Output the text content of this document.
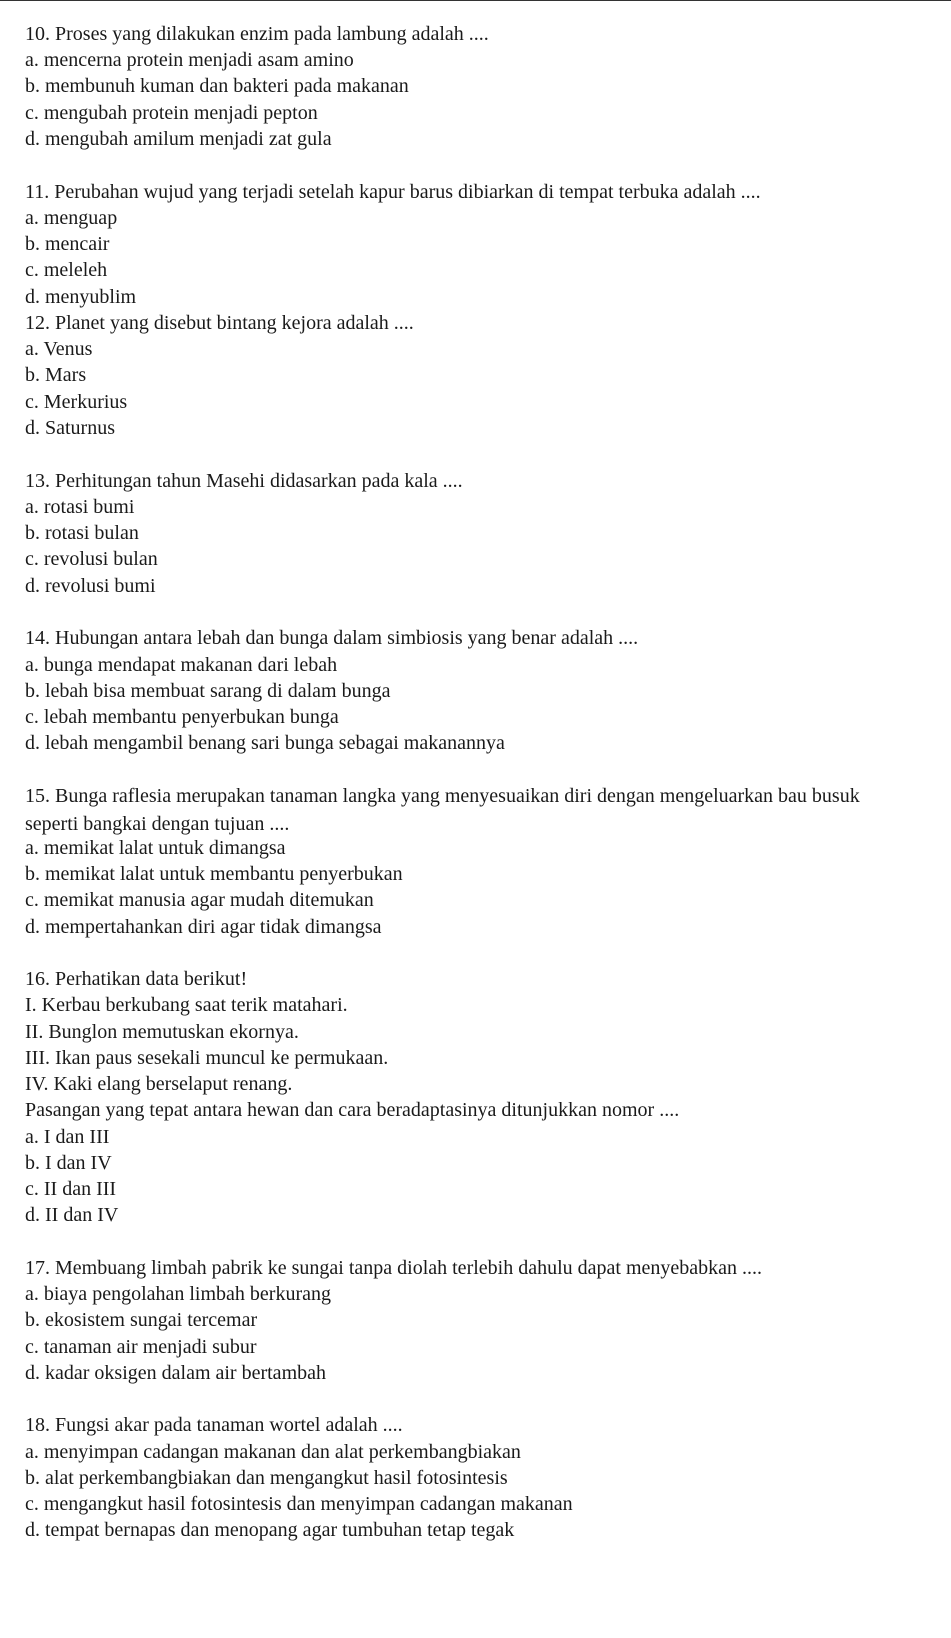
10. Proses yang dilakukan enzim pada lambung adalah ....
a. mencerna protein menjadi asam amino
b. membunuh kuman dan bakteri pada makanan
c. mengubah protein menjadi pepton
d. mengubah amilum menjadi zat gula
11. Perubahan wujud yang terjadi setelah kapur barus dibiarkan di tempat terbuka adalah ....
a. menguap
b. mencair
c. meleleh
d. menyublim
12. Planet yang disebut bintang kejora adalah ....
a. Venus
b. Mars
c. Merkurius
d. Saturnus
13. Perhitungan tahun Masehi didasarkan pada kala ....
a. rotasi bumi
b. rotasi bulan
c. revolusi bulan
d. revolusi bumi
14. Hubungan antara lebah dan bunga dalam simbiosis yang benar adalah ....
a. bunga mendapat makanan dari lebah
b. lebah bisa membuat sarang di dalam bunga
c. lebah membantu penyerbukan bunga
d. lebah mengambil benang sari bunga sebagai makanannya
15. Bunga raflesia merupakan tanaman langka yang menyesuaikan diri dengan mengeluarkan bau busuk seperti bangkai dengan tujuan ....
a. memikat lalat untuk dimangsa
b. memikat lalat untuk membantu penyerbukan
c. memikat manusia agar mudah ditemukan
d. mempertahankan diri agar tidak dimangsa
16. Perhatikan data berikut!
I. Kerbau berkubang saat terik matahari.
II. Bunglon memutuskan ekornya.
III. Ikan paus sesekali muncul ke permukaan.
IV. Kaki elang berselaput renang.
Pasangan yang tepat antara hewan dan cara beradaptasinya ditunjukkan nomor ....
a. I dan III
b. I dan IV
c. II dan III
d. II dan IV
17. Membuang limbah pabrik ke sungai tanpa diolah terlebih dahulu dapat menyebabkan ....
a. biaya pengolahan limbah berkurang
b. ekosistem sungai tercemar
c. tanaman air menjadi subur
d. kadar oksigen dalam air bertambah
18. Fungsi akar pada tanaman wortel adalah ....
a. menyimpan cadangan makanan dan alat perkembangbiakan
b. alat perkembangbiakan dan mengangkut hasil fotosintesis
c. mengangkut hasil fotosintesis dan menyimpan cadangan makanan
d. tempat bernapas dan menopang agar tumbuhan tetap tegak
